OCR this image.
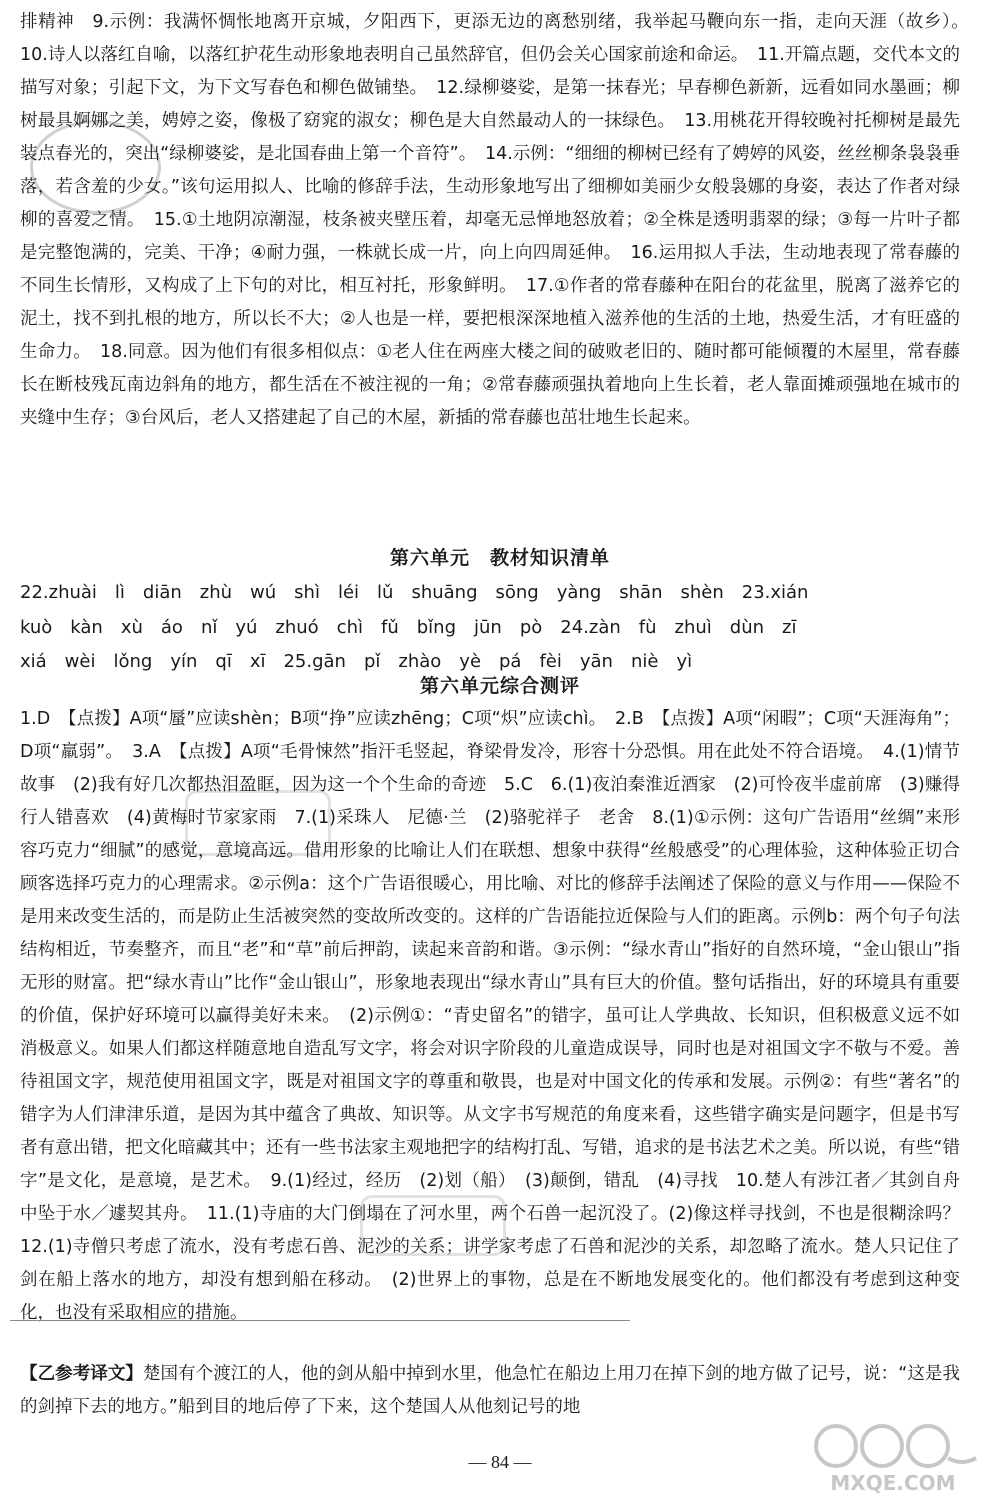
排精神　9.示例：我满怀惆怅地离开京城，夕阳西下，更添无边的离愁别绪，我举起马鞭向东一指，走向天涯（故乡）。　10.诗人以落红自喻，以落红护花生动形象地表明自己虽然辞官，但仍会关心国家前途和命运。　11.开篇点题，交代本文的描写对象；引起下文，为下文写春色和柳色做铺垫。　12.绿柳婆娑，是第一抹春光；早春柳色新新，远看如同水墨画；柳树最具婀娜之美，娉婷之姿，像极了窈窕的淑女；柳色是大自然最动人的一抹绿色。　13.用桃花开得较晚衬托柳树是最先装点春光的，突出“绿柳婆娑，是北国春曲上第一个音符”。　14.示例：“细细的柳树已经有了娉婷的风姿，丝丝柳条袅袅垂落，若含羞的少女。”该句运用拟人、比喻的修辞手法，生动形象地写出了细柳如美丽少女般袅娜的身姿，表达了作者对绿柳的喜爱之情。　15.①土地阴凉潮湿，枝条被夹壁压着，却毫无忌惮地怒放着；②全株是透明翡翠的绿；③每一片叶子都是完整饱满的，完美、干净；④耐力强，一株就长成一片，向上向四周延伸。　16.运用拟人手法，生动地表现了常春藤的不同生长情形，又构成了上下句的对比，相互衬托，形象鲜明。　17.①作者的常春藤种在阳台的花盆里，脱离了滋养它的泥土，找不到扎根的地方，所以长不大；②人也是一样，要把根深深地植入滋养他的生活的土地，热爱生活，才有旺盛的生命力。　18.同意。因为他们有很多相似点：①老人住在两座大楼之间的破败老旧的、随时都可能倾覆的木屋里，常春藤长在断枝残瓦南边斜角的地方，都生活在不被注视的一角；②常春藤顽强执着地向上生长着，老人靠面摊顽强地在城市的夹缝中生存；③台风后，老人又搭建起了自己的木屋，新插的常春藤也茁壮地生长起来。

第六单元　教材知识清单
22.zhuài　lì　diān　zhù　wú　shì　léi　lǔ　shuāng　sōng　yàng　shān　shèn　23.xián
kuò　kàn　xù　áo　nǐ　yú　zhuó　chì　fǔ　bǐng　jūn　pò　24.zàn　fù　zhuì　dùn　zī
xiá　wèi　lǒng　yín　qī　xī　25.gān　pǐ　zhào　yè　pá　fèi　yān　niè　yì
第六单元综合测评

1.D　【点拨】A项“蜃”应读shèn；B项“挣”应读zhēng；C项“炽”应读chì。　2.B　【点拨】A项“闲暇”；C项“天涯海角”；D项“羸弱”。　3.A　【点拨】A项“毛骨悚然”指汗毛竖起，脊梁骨发冷，形容十分恐惧。用在此处不符合语境。　4.(1)情节　故事　(2)我有好几次都热泪盈眶，因为这一个个生命的奇迹　5.C　6.(1)夜泊秦淮近酒家　(2)可怜夜半虚前席　(3)赚得行人错喜欢　(4)黄梅时节家家雨　7.(1)采珠人　尼德·兰　(2)骆驼祥子　老舍　8.(1)①示例：这句广告语用“丝绸”来形容巧克力“细腻”的感觉，意境高远。借用形象的比喻让人们在联想、想象中获得“丝般感受”的心理体验，这种体验正切合顾客选择巧克力的心理需求。②示例a：这个广告语很暖心，用比喻、对比的修辞手法阐述了保险的意义与作用——保险不是用来改变生活的，而是防止生活被突然的变故所改变的。这样的广告语能拉近保险与人们的距离。示例b：两个句子句法结构相近，节奏整齐，而且“老”和“草”前后押韵，读起来音韵和谐。③示例：“绿水青山”指好的自然环境，“金山银山”指无形的财富。把“绿水青山”比作“金山银山”，形象地表现出“绿水青山”具有巨大的价值。整句话指出，好的环境具有重要的价值，保护好环境可以赢得美好未来。　(2)示例①：“青史留名”的错字，虽可让人学典故、长知识，但积极意义远不如消极意义。如果人们都这样随意地自造乱写文字，将会对识字阶段的儿童造成误导，同时也是对祖国文字不敬与不爱。善待祖国文字，规范使用祖国文字，既是对祖国文字的尊重和敬畏，也是对中国文化的传承和发展。示例②：有些“著名”的错字为人们津津乐道，是因为其中蕴含了典故、知识等。从文字书写规范的角度来看，这些错字确实是问题字，但是书写者有意出错，把文化暗藏其中；还有一些书法家主观地把字的结构打乱、写错，追求的是书法艺术之美。所以说，有些“错字”是文化，是意境，是艺术。　9.(1)经过，经历　(2)划（船）　(3)颠倒，错乱　(4)寻找　10.楚人有涉江者／其剑自舟中坠于水／遽契其舟。　11.(1)寺庙的大门倒塌在了河水里，两个石兽一起沉没了。(2)像这样寻找剑，不也是很糊涂吗？　12.(1)寺僧只考虑了流水，没有考虑石兽、泥沙的关系；讲学家考虑了石兽和泥沙的关系，却忽略了流水。楚人只记住了剑在船上落水的地方，却没有想到船在移动。　(2)世界上的事物，总是在不断地发展变化的。他们都没有考虑到这种变化，也没有采取相应的措施。

【乙参考译文】楚国有个渡江的人，他的剑从船中掉到水里，他急忙在船边上用刀在掉下剑的地方做了记号，说：“这是我的剑掉下去的地方。”船到目的地后停了下来，这个楚国人从他刻记号的地

— 84 —
MXQE.COM
